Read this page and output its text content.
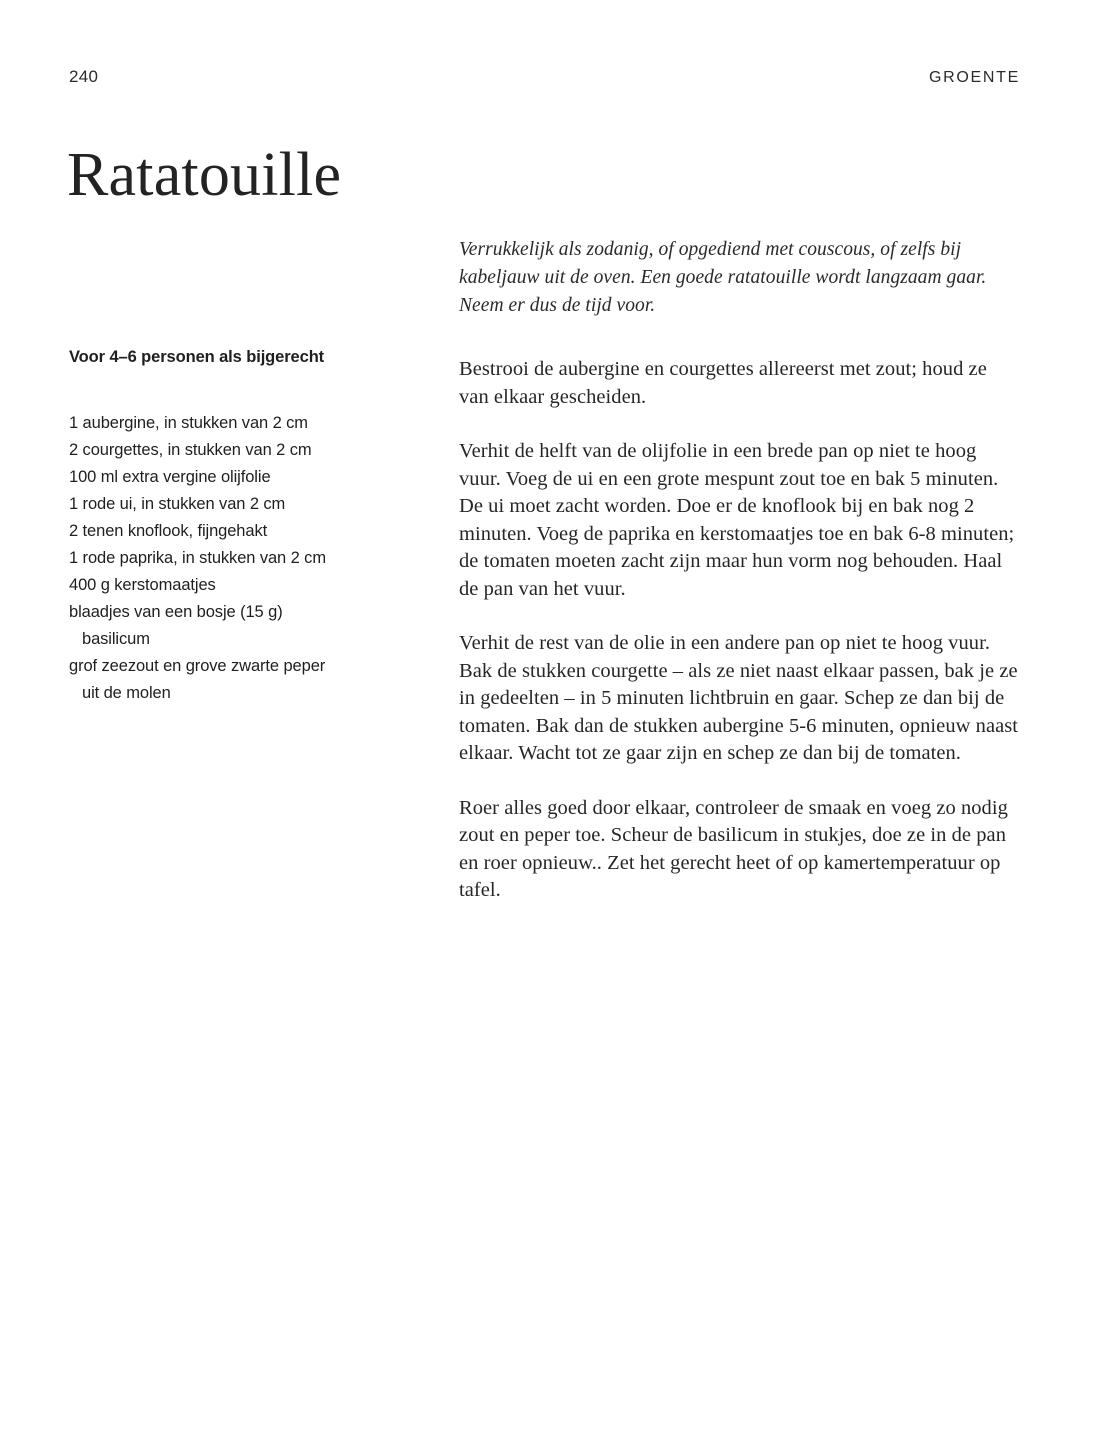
240	GROENTE
Ratatouille

Voor 4–6 personen als bijgerecht

1 aubergine, in stukken van 2 cm
2 courgettes, in stukken van 2 cm
100 ml extra vergine olijfolie
1 rode ui, in stukken van 2 cm
2 tenen knoflook, fijngehakt
1 rode paprika, in stukken van 2 cm
400 g kerstomaatjes
blaadjes van een bosje (15 g)
basilicum
grof zeezout en grove zwarte peper
uit de molen

Verrukkelijk als zodanig, of opgediend met couscous, of zelfs bij kabeljauw uit de oven. Een goede ratatouille wordt langzaam gaar. Neem er dus de tijd voor.

Bestrooi de aubergine en courgettes allereerst met zout; houd ze van elkaar gescheiden.

Verhit de helft van de olijfolie in een brede pan op niet te hoog vuur. Voeg de ui en een grote mespunt zout toe en bak 5 minuten. De ui moet zacht worden. Doe er de knoflook bij en bak nog 2 minuten. Voeg de paprika en kerstomaatjes toe en bak 6-8 minuten; de tomaten moeten zacht zijn maar hun vorm nog behouden. Haal de pan van het vuur.

Verhit de rest van de olie in een andere pan op niet te hoog vuur. Bak de stukken courgette – als ze niet naast elkaar passen, bak je ze in gedeelten – in 5 minuten lichtbruin en gaar. Schep ze dan bij de tomaten. Bak dan de stukken aubergine 5-6 minuten, opnieuw naast elkaar. Wacht tot ze gaar zijn en schep ze dan bij de tomaten.

Roer alles goed door elkaar, controleer de smaak en voeg zo nodig zout en peper toe. Scheur de basilicum in stukjes, doe ze in de pan en roer opnieuw.. Zet het gerecht heet of op kamertemperatuur op tafel.
